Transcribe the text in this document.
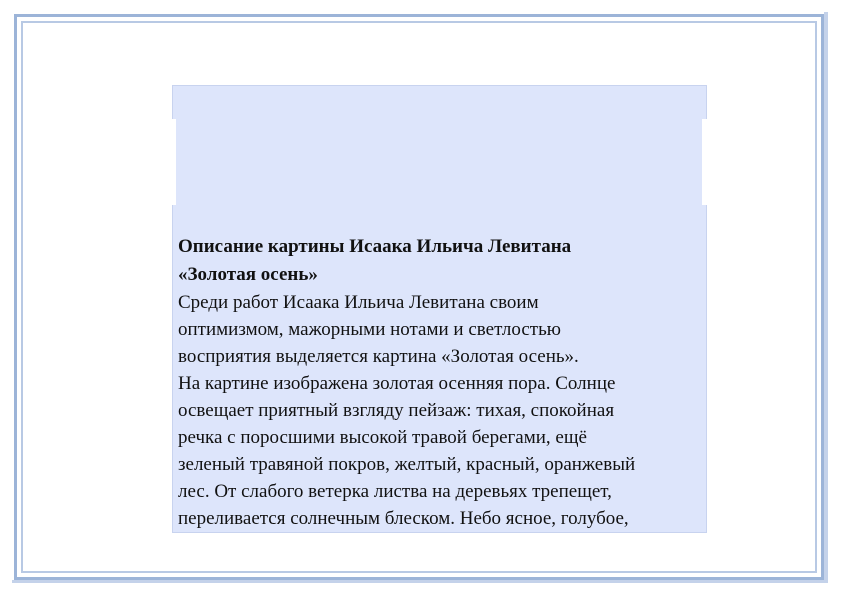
Описание картины Исаака Ильича Левитана
«Золотая осень»

Среди работ Исаака Ильича Левитана своим
оптимизмом, мажорными нотами и светлостью
восприятия выделяется картина «Золотая осень».

На картине изображена золотая осенняя пора. Солнце
освещает приятный взгляду пейзаж: тихая, спокойная
речка с поросшими высокой травой берегами, ещё
зеленый травяной покров, желтый, красный, оранжевый
лес. От слабого ветерка листва на деревьях трепещет,
переливается солнечным блеском. Небо ясное, голубое,
